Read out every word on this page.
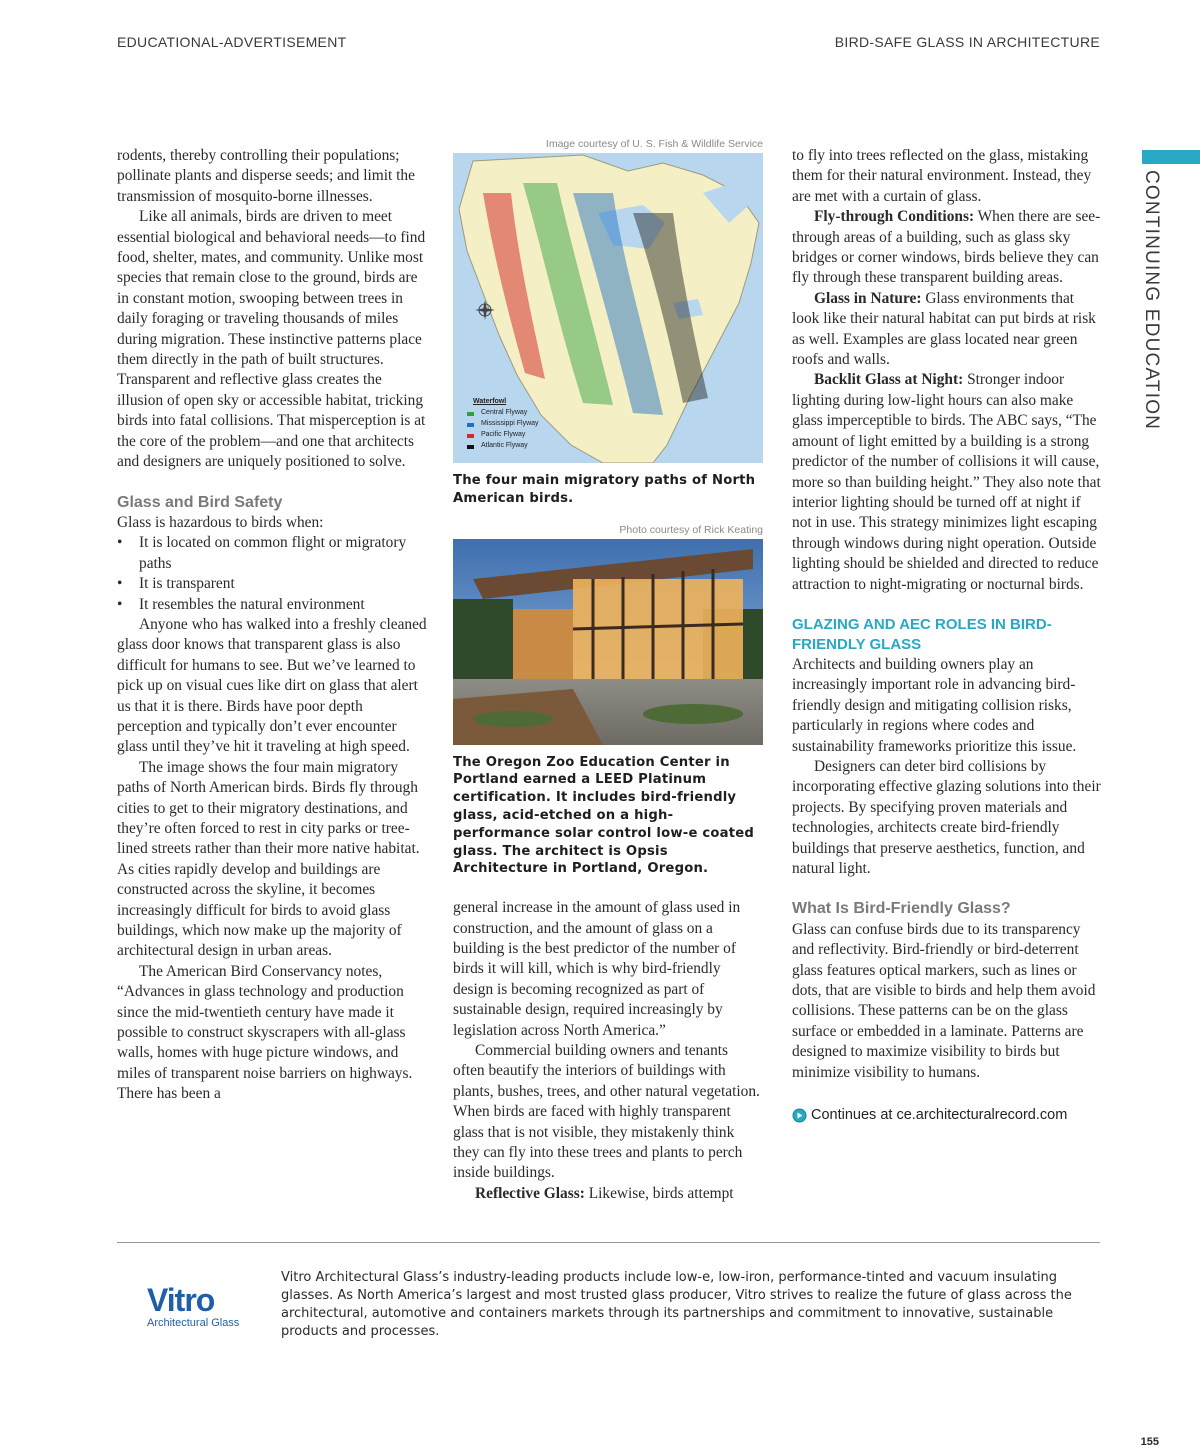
EDUCATIONAL-ADVERTISEMENT	BIRD-SAFE GLASS IN ARCHITECTURE
CONTINUING EDUCATION

rodents, thereby controlling their populations; pollinate plants and disperse seeds; and limit the transmission of mosquito-borne illnesses.

Like all animals, birds are driven to meet essential biological and behavioral needs—to find food, shelter, mates, and community. Unlike most species that remain close to the ground, birds are in constant motion, swooping between trees in daily foraging or traveling thousands of miles during migration. These instinctive patterns place them directly in the path of built structures. Transparent and reflective glass creates the illusion of open sky or accessible habitat, tricking birds into fatal collisions. That misperception is at the core of the problem—and one that architects and designers are uniquely positioned to solve.

Glass and Bird Safety

Glass is hazardous to birds when:

• It is located on common flight or migratory paths
• It is transparent
• It resembles the natural environment

Anyone who has walked into a freshly cleaned glass door knows that transparent glass is also difficult for humans to see. But we’ve learned to pick up on visual cues like dirt on glass that alert us that it is there. Birds have poor depth perception and typically don’t ever encounter glass until they’ve hit it traveling at high speed.

The image shows the four main migratory paths of North American birds. Birds fly through cities to get to their migratory destinations, and they’re often forced to rest in city parks or tree-lined streets rather than their more native habitat. As cities rapidly develop and buildings are constructed across the skyline, it becomes increasingly difficult for birds to avoid glass buildings, which now make up the majority of architectural design in urban areas.

The American Bird Conservancy notes, “Advances in glass technology and production since the mid-twentieth century have made it possible to construct skyscrapers with all-glass walls, homes with huge picture windows, and miles of transparent noise barriers on highways. There has been a

Image courtesy of U. S. Fish & Wildlife Service
Waterfowl
Central Flyway
Mississippi Flyway
Pacific Flyway
Atlantic Flyway
The four main migratory paths of North American birds.
Photo courtesy of Rick Keating
The Oregon Zoo Education Center in Portland earned a LEED Platinum certification. It includes bird-friendly glass, acid-etched on a high-performance solar control low-e coated glass. The architect is Opsis Architecture in Portland, Oregon.

general increase in the amount of glass used in construction, and the amount of glass on a building is the best predictor of the number of birds it will kill, which is why bird-friendly design is becoming recognized as part of sustainable design, required increasingly by legislation across North America.”

Commercial building owners and tenants often beautify the interiors of buildings with plants, bushes, trees, and other natural vegetation. When birds are faced with highly transparent glass that is not visible, they mistakenly think they can fly into these trees and plants to perch inside buildings.

Reflective Glass: Likewise, birds attempt

to fly into trees reflected on the glass, mistaking them for their natural environment. Instead, they are met with a curtain of glass.

Fly-through Conditions: When there are see-through areas of a building, such as glass sky bridges or corner windows, birds believe they can fly through these transparent building areas.

Glass in Nature: Glass environments that look like their natural habitat can put birds at risk as well. Examples are glass located near green roofs and walls.

Backlit Glass at Night: Stronger indoor lighting during low-light hours can also make glass imperceptible to birds. The ABC says, “The amount of light emitted by a building is a strong predictor of the number of collisions it will cause, more so than building height.” They also note that interior lighting should be turned off at night if not in use. This strategy minimizes light escaping through windows during night operation. Outside lighting should be shielded and directed to reduce attraction to night-migrating or nocturnal birds.

GLAZING AND AEC ROLES IN BIRD-FRIENDLY GLASS

Architects and building owners play an increasingly important role in advancing bird-friendly design and mitigating collision risks, particularly in regions where codes and sustainability frameworks prioritize this issue.

Designers can deter bird collisions by incorporating effective glazing solutions into their projects. By specifying proven materials and technologies, architects create bird-friendly buildings that preserve aesthetics, function, and natural light.

What Is Bird-Friendly Glass?

Glass can confuse birds due to its transparency and reflectivity. Bird-friendly or bird-deterrent glass features optical markers, such as lines or dots, that are visible to birds and help them avoid collisions. These patterns can be on the glass surface or embedded in a laminate. Patterns are designed to maximize visibility to birds but minimize visibility to humans.

Continues at ce.architecturalrecord.com
Vitro
Architectural Glass
Vitro Architectural Glass’s industry-leading products include low-e, low-iron, performance-tinted and vacuum insulating glasses. As North America’s largest and most trusted glass producer, Vitro strives to realize the future of glass across the architectural, automotive and containers markets through its partnerships and commitment to innovative, sustainable products and processes.
155
